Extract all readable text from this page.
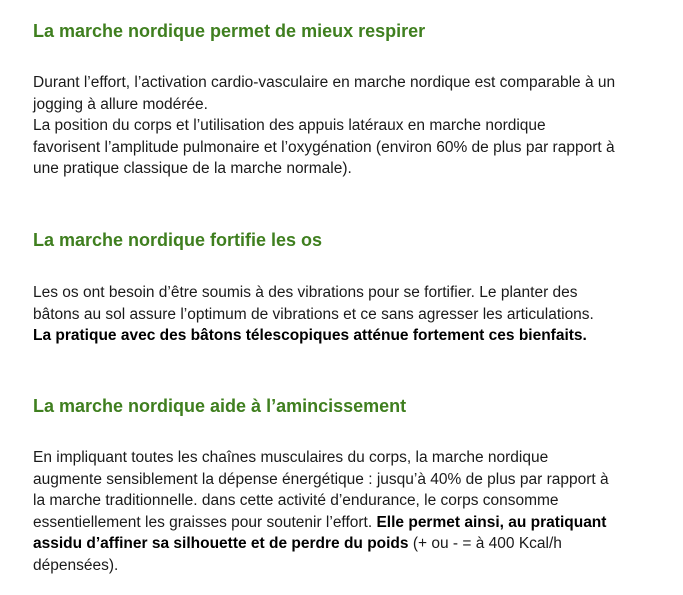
La marche nordique permet de mieux respirer

Durant l’effort, l’activation cardio-vasculaire en marche nordique est comparable à un
jogging à allure modérée.
La position du corps et l’utilisation des appuis latéraux en marche nordique
favorisent l’amplitude pulmonaire et l’oxygénation (environ 60% de plus par rapport à
une pratique classique de la marche normale).

La marche nordique fortifie les os

Les os ont besoin d’être soumis à des vibrations pour se fortifier. Le planter des
bâtons au sol assure l’optimum de vibrations et ce sans agresser les articulations.
La pratique avec des bâtons télescopiques atténue fortement ces bienfaits.

La marche nordique aide à l’amincissement

En impliquant toutes les chaînes musculaires du corps, la marche nordique
augmente sensiblement la dépense énergétique : jusqu’à 40% de plus par rapport à
la marche traditionnelle. dans cette activité d’endurance, le corps consomme
essentiellement les graisses pour soutenir l’effort. Elle permet ainsi, au pratiquant
assidu d’affiner sa silhouette et de perdre du poids (+ ou - = à 400 Kcal/h
dépensées).
